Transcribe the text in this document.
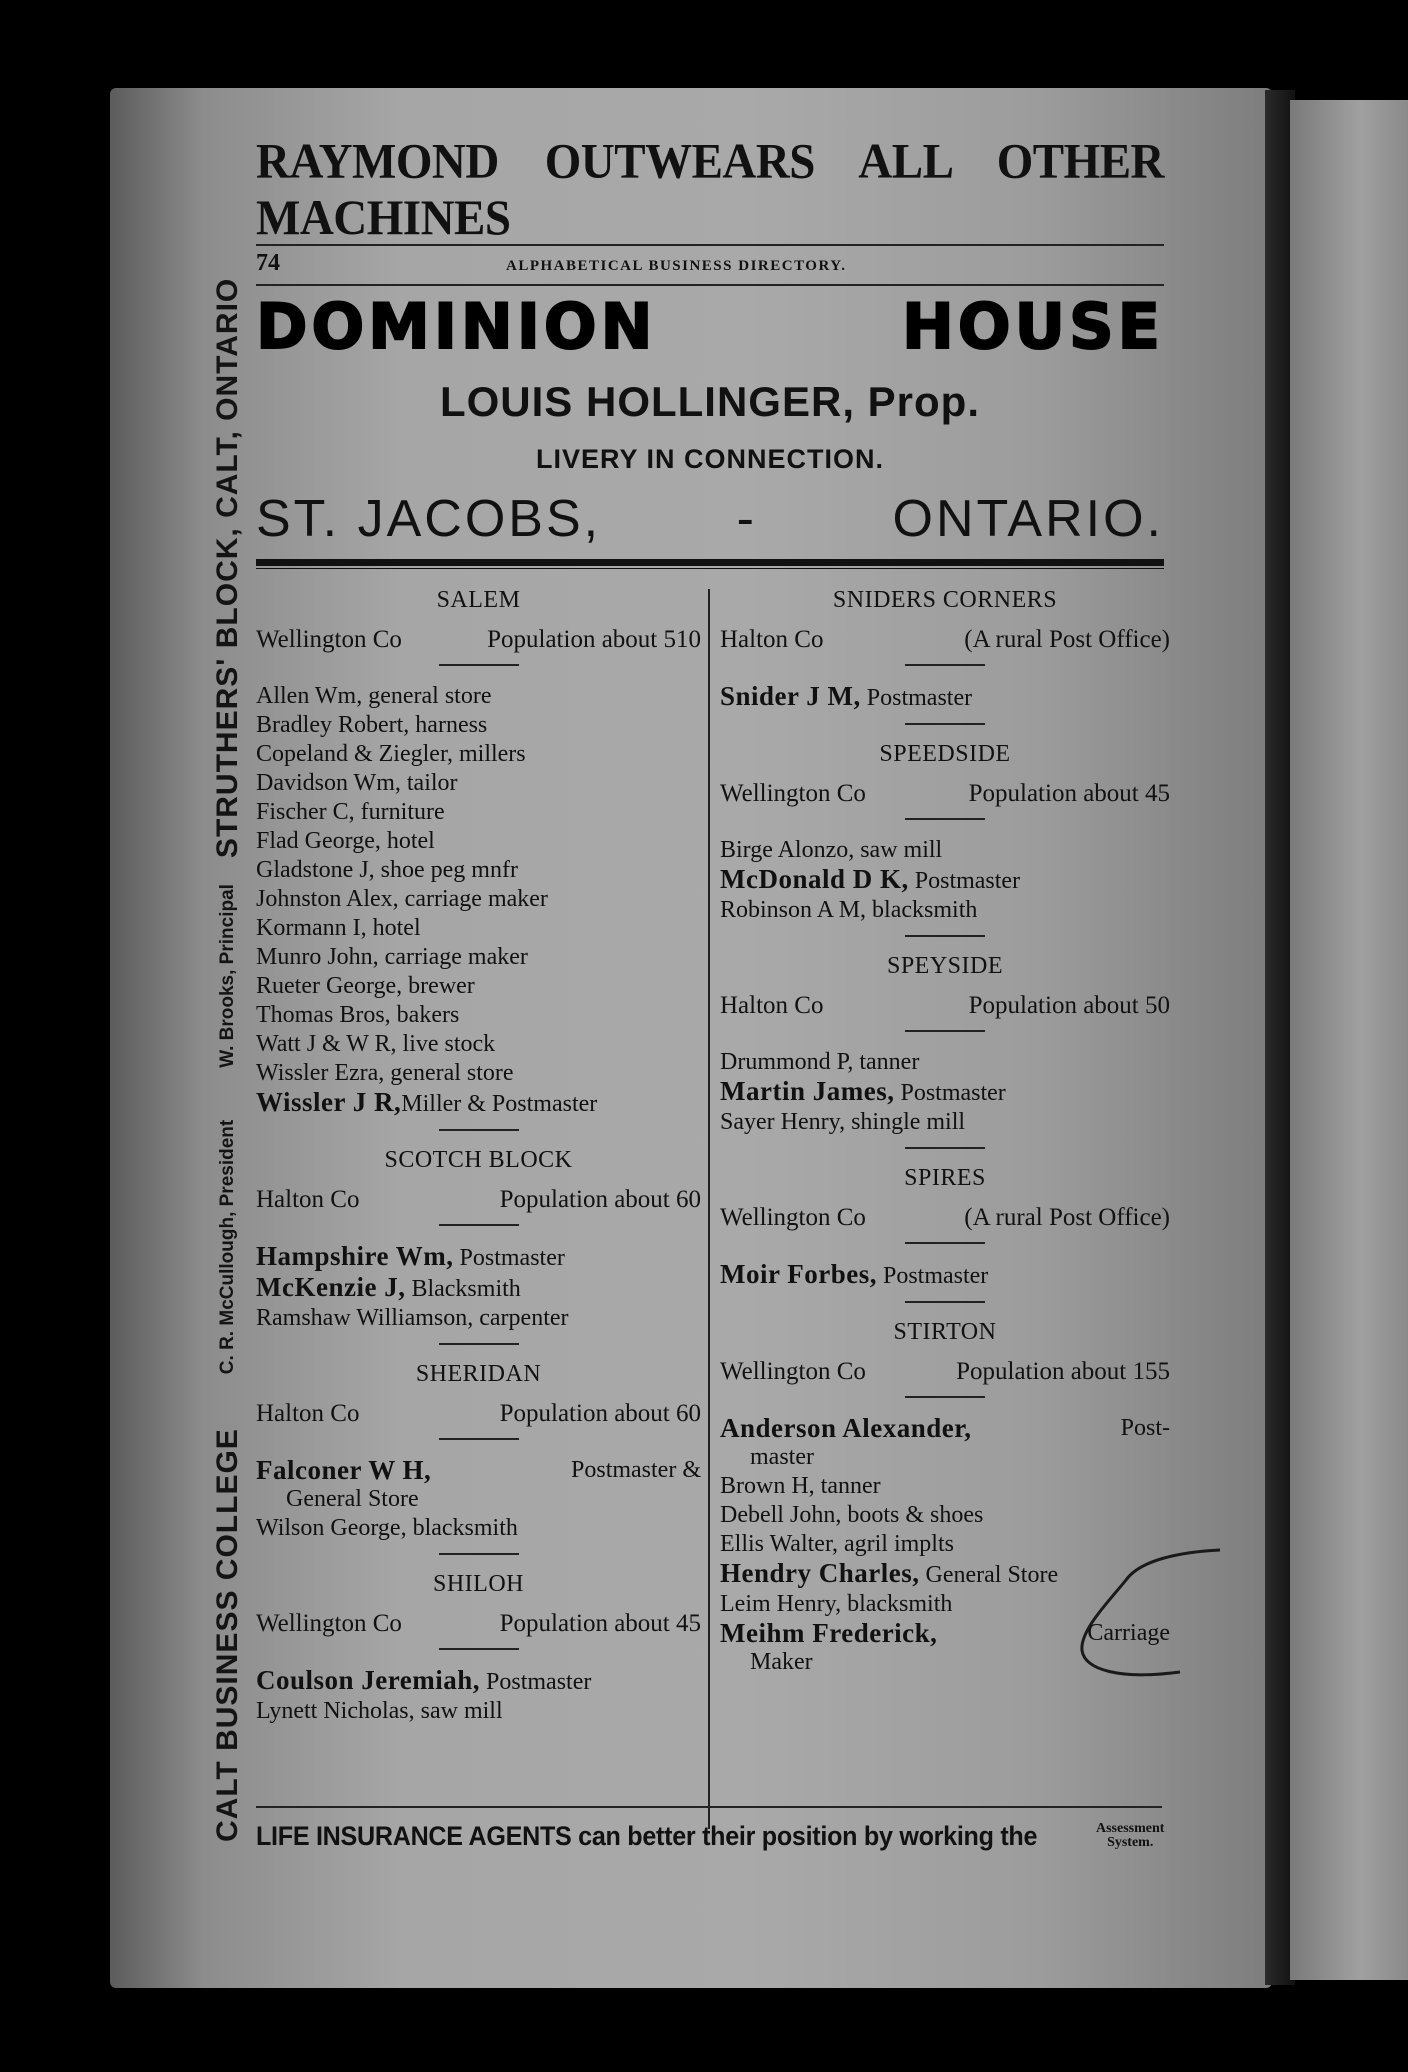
CALT BUSINESS COLLEGE
C. R. McCullough, President
W. Brooks, Principal
STRUTHERS' BLOCK, CALT, ONTARIO
RAYMOND OUTWEARS ALL OTHER MACHINES
74	ALPHABETICAL BUSINESS DIRECTORY.
DOMINION	HOUSE
LOUIS HOLLINGER, Prop.
LIVERY IN CONNECTION.
ST. JACOBS,	-	ONTARIO.
SALEM
Wellington Co	Population about 510
Allen Wm, general store
Bradley Robert, harness
Copeland & Ziegler, millers
Davidson Wm, tailor
Fischer C, furniture
Flad George, hotel
Gladstone J, shoe peg mnfr
Johnston Alex, carriage maker
Kormann I, hotel
Munro John, carriage maker
Rueter George, brewer
Thomas Bros, bakers
Watt J & W R, live stock
Wissler Ezra, general store
Wissler J R,Miller & Postmaster
SCOTCH BLOCK
Halton Co	Population about 60
Hampshire Wm, Postmaster
McKenzie J, Blacksmith
Ramshaw Williamson, carpenter
SHERIDAN
Halton Co	Population about 60
Falconer W H,	Postmaster &
General Store
Wilson George, blacksmith
SHILOH
Wellington Co	Population about 45
Coulson Jeremiah, Postmaster
Lynett Nicholas, saw mill
SNIDERS CORNERS
Halton Co	(A rural Post Office)
Snider J M, Postmaster
SPEEDSIDE
Wellington Co	Population about 45
Birge Alonzo, saw mill
McDonald D K, Postmaster
Robinson A M, blacksmith
SPEYSIDE
Halton Co	Population about 50
Drummond P, tanner
Martin James, Postmaster
Sayer Henry, shingle mill
SPIRES
Wellington Co	(A rural Post Office)
Moir Forbes, Postmaster
STIRTON
Wellington Co	Population about 155
Anderson Alexander,	Post-
master
Brown H, tanner
Debell John, boots & shoes
Ellis Walter, agril implts
Hendry Charles, General Store
Leim Henry, blacksmith
Meihm Frederick,	Carriage
Maker
LIFE INSURANCE AGENTS can better their position by working the	Assessment
System.
